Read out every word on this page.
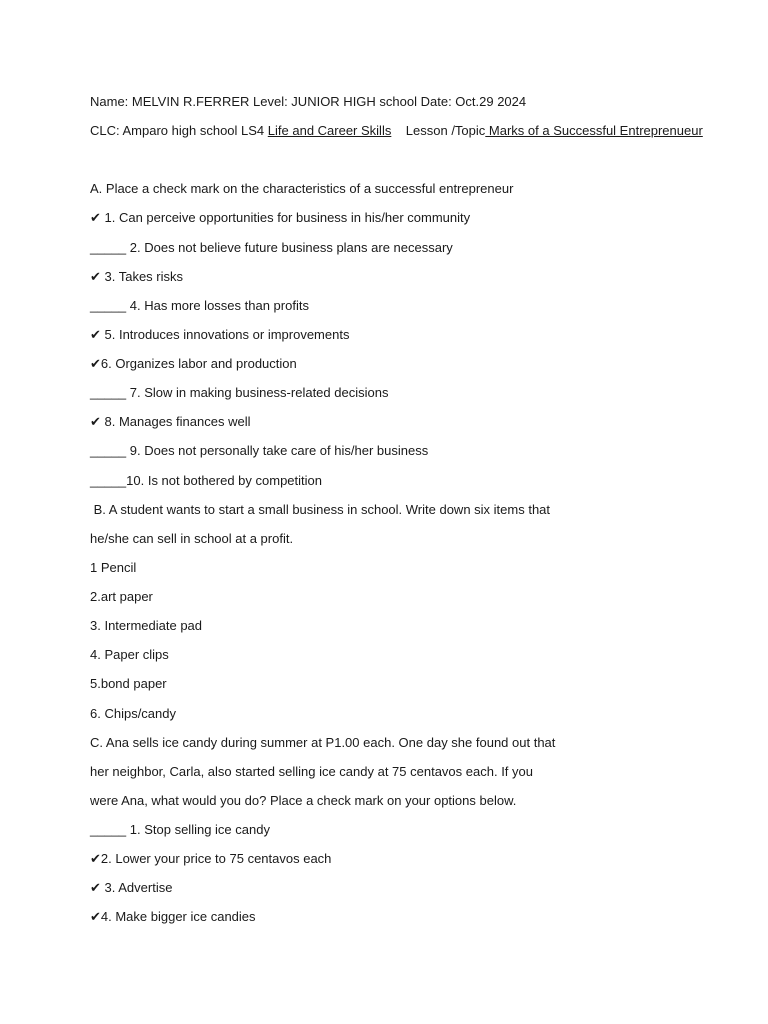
Name: MELVIN R.FERRER Level: JUNIOR HIGH school Date: Oct.29 2024
CLC: Amparo high school LS4 Life and Career Skills    Lesson /Topic Marks of a Successful Entreprenueur
A. Place a check mark on the characteristics of a successful entrepreneur
✔ 1. Can perceive opportunities for business in his/her community
_____ 2. Does not believe future business plans are necessary
✔ 3. Takes risks
_____ 4. Has more losses than profits
✔ 5. Introduces innovations or improvements
✔6. Organizes labor and production
_____ 7. Slow in making business-related decisions
✔ 8. Manages finances well
_____ 9. Does not personally take care of his/her business
_____10. Is not bothered by competition
B. A student wants to start a small business in school. Write down six items that
he/she can sell in school at a profit.
1 Pencil
2.art paper
3. Intermediate pad
4. Paper clips
5.bond paper
6. Chips/candy
C. Ana sells ice candy during summer at P1.00 each. One day she found out that
her neighbor, Carla, also started selling ice candy at 75 centavos each. If you
were Ana, what would you do? Place a check mark on your options below.
_____ 1. Stop selling ice candy
✔2. Lower your price to 75 centavos each
✔ 3. Advertise
✔4. Make bigger ice candies
